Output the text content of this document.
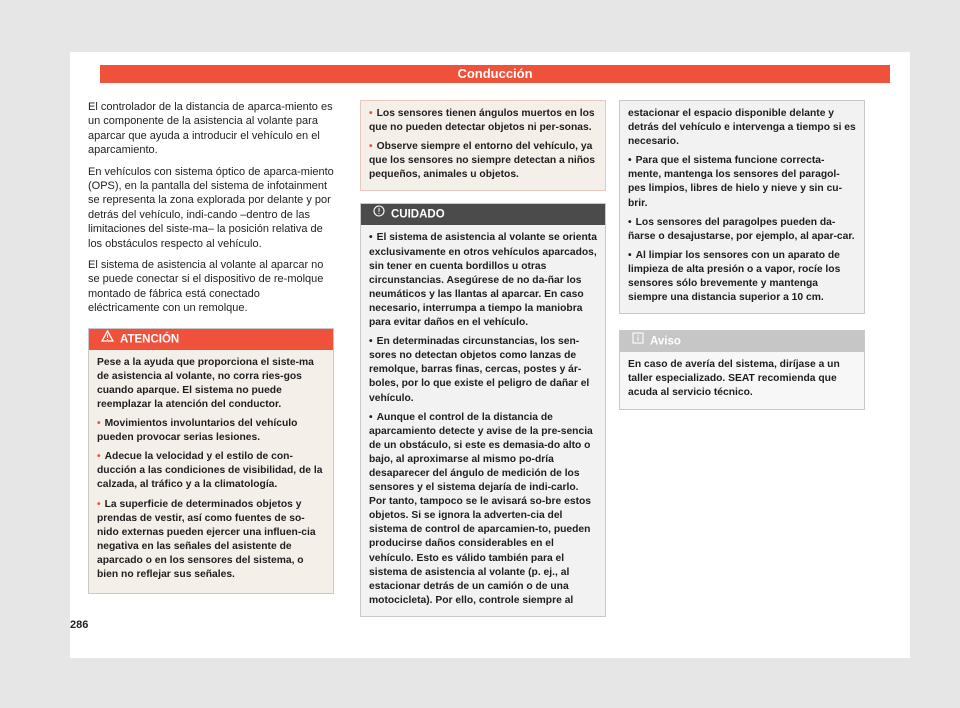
Conducción

El controlador de la distancia de aparca-miento es un componente de la asistencia al volante para aparcar que ayuda a introducir el vehículo en el aparcamiento.

En vehículos con sistema óptico de aparca-miento (OPS), en la pantalla del sistema de infotainment se representa la zona explorada por delante y por detrás del vehículo, indi-cando –dentro de las limitaciones del siste-ma– la posición relativa de los obstáculos respecto al vehículo.

El sistema de asistencia al volante al aparcar no se puede conectar si el dispositivo de re-molque montado de fábrica está conectado eléctricamente con un remolque.

ATENCIÓN

Pese a la ayuda que proporciona el siste-ma de asistencia al volante, no corra ries-gos cuando aparque. El sistema no puede reemplazar la atención del conductor.

• Movimientos involuntarios del vehículo pueden provocar serias lesiones.

• Adecue la velocidad y el estilo de con-ducción a las condiciones de visibilidad, de la calzada, al tráfico y a la climatología.

• La superficie de determinados objetos y prendas de vestir, así como fuentes de so-nido externas pueden ejercer una influen-cia negativa en las señales del asistente de aparcado o en los sensores del sistema, o bien no reflejar sus señales.

• Los sensores tienen ángulos muertos en los que no pueden detectar objetos ni per-sonas.

• Observe siempre el entorno del vehículo, ya que los sensores no siempre detectan a niños pequeños, animales u objetos.

CUIDADO

• El sistema de asistencia al volante se orienta exclusivamente en otros vehículos aparcados, sin tener en cuenta bordillos u otras circunstancias. Asegúrese de no da-ñar los neumáticos y las llantas al aparcar. En caso necesario, interrumpa a tiempo la maniobra para evitar daños en el vehículo.

• En determinadas circunstancias, los sen-sores no detectan objetos como lanzas de remolque, barras finas, cercas, postes y ár-boles, por lo que existe el peligro de dañar el vehículo.

• Aunque el control de la distancia de aparcamiento detecte y avise de la pre-sencia de un obstáculo, si este es demasia-do alto o bajo, al aproximarse al mismo po-dría desaparecer del ángulo de medición de los sensores y el sistema dejaría de indi-carlo. Por tanto, tampoco se le avisará so-bre estos objetos. Si se ignora la adverten-cia del sistema de control de aparcamien-to, pueden producirse daños considerables en el vehículo. Esto es válido también para el sistema de asistencia al volante (p. ej., al estacionar detrás de un camión o de una motocicleta). Por ello, controle siempre al

estacionar el espacio disponible delante y detrás del vehículo e intervenga a tiempo si es necesario.

• Para que el sistema funcione correcta-mente, mantenga los sensores del paragol-pes limpios, libres de hielo y nieve y sin cu-brir.

• Los sensores del paragolpes pueden da-ñarse o desajustarse, por ejemplo, al apar-car.

• Al limpiar los sensores con un aparato de limpieza de alta presión o a vapor, rocíe los sensores sólo brevemente y mantenga siempre una distancia superior a 10 cm.

Aviso

En caso de avería del sistema, diríjase a un taller especializado. SEAT recomienda que acuda al servicio técnico.

286
